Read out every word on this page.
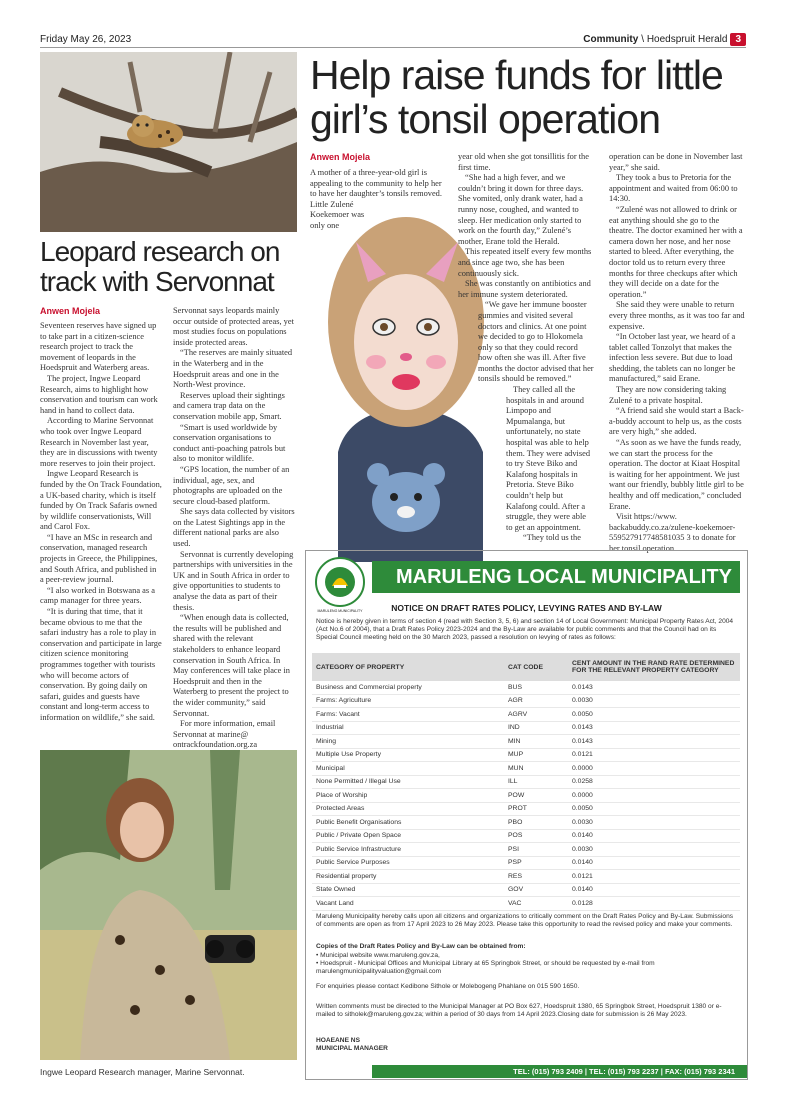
Friday May 26, 2023	Community \ Hoedspruit Herald 3
Leopard research on
track with Servonnat
Anwen Mojela

Seventeen reserves have signed up to take part in a citizen-science research project to track the movement of leopards in the Hoedspruit and Waterberg areas.

The project, Ingwe Leopard Research, aims to highlight how conservation and tourism can work hand in hand to collect data.

According to Marine Servonnat who took over Ingwe Leopard Research in November last year, they are in discussions with twenty more reserves to join their project.

Ingwe Leopard Research is funded by the On Track Foundation, a UK-based charity, which is itself funded by On Track Safaris owned by wildlife conservationists, Will and Carol Fox.

“I have an MSc in research and conservation, managed research projects in Greece, the Philippines, and South Africa, and published in a peer-review journal.

“I also worked in Botswana as a camp manager for three years.

“It is during that time, that it became obvious to me that the safari industry has a role to play in conservation and participate in large citizen science monitoring programmes together with tourists who will become actors of conservation. By going daily on safari, guides and guests have constant and long-term access to information on wildlife,” she said.

Servonnat says leopards mainly occur outside of protected areas, yet most studies focus on populations inside protected areas.

“The reserves are mainly situated in the Waterberg and in the Hoedspruit areas and one in the North-West province.

Reserves upload their sightings and camera trap data on the conservation mobile app, Smart.

“Smart is used worldwide by conservation organisations to conduct anti-poaching patrols but also to monitor wildlife.

“GPS location, the number of an individual, age, sex, and photographs are uploaded on the secure cloud-based platform.

She says data collected by visitors on the Latest Sightings app in the different national parks are also used.

Servonnat is currently developing partnerships with universities in the UK and in South Africa in order to give opportunities to students to analyse the data as part of their thesis.

“When enough data is collected, the results will be published and shared with the relevant stakeholders to enhance leopard conservation in South Africa. In May conferences will take place in Hoedspruit and then in the Waterberg to present the project to the wider community,” said Servonnat.

For more information, email Servonnat at marine@ ontrackfoundation.org.za

Ingwe Leopard Research manager, Marine Servonnat.
Help raise funds for little
girl’s tonsil operation
Anwen Mojela

A mother of a three-year-old girl is appealing to the community to help her to have her daughter’s tonsils removed.

Little Zulené Koekemoer was only one

year old when she got tonsillitis for the first time.

“She had a high fever, and we couldn’t bring it down for three days. She vomited, only drank water, had a runny nose, coughed, and wanted to sleep. Her medication only started to work on the fourth day,” Zulené’s mother, Erane told the Herald.

This repeated itself every few months and since age two, she has been continuously sick.

She was constantly on antibiotics and her immune system deteriorated.

“We gave her immune booster gummies and visited several doctors and clinics. At one point we decided to go to Hlokomela only so that they could record how often she was ill. After five months the doctor advised that her tonsils should be removed.”

They called all the hospitals in and around Limpopo and Mpumalanga, but unfortunately, no state hospital was able to help them. They were advised to try Steve Biko and Kalafong hospitals in Pretoria. Steve Biko couldn’t help but Kalafong could. After a struggle, they were able to get an appointment.

“They told us the

operation can be done in November last year,” she said.

They took a bus to Pretoria for the appointment and waited from 06:00 to 14:30.

“Zulené was not allowed to drink or eat anything should she go to the theatre. The doctor examined her with a camera down her nose, and her nose started to bleed. After everything, the doctor told us to return every three months for three checkups after which they will decide on a date for the operation.”

She said they were unable to return every three months, as it was too far and expensive.

“In October last year, we heard of a tablet called Tonzolyt that makes the infection less severe. But due to load shedding, the tablets can no longer be manufactured,” said Erane.

They are now considering taking Zulené to a private hospital.

“A friend said she would start a Back-a-buddy account to help us, as the costs are very high,” she added.

“As soon as we have the funds ready, we can start the process for the operation. The doctor at Kiaat Hospital is waiting for her appointment. We just want our friendly, bubbly little girl to be healthy and off medication,” concluded Erane.

Visit https://www. backabuddy.co.za/zulene-koekemoer-559527917748581035 3 to donate for her tonsil operation.

MARULENG MUNICIPALITY
MARULENG LOCAL MUNICIPALITY
NOTICE ON DRAFT RATES POLICY, LEVYING RATES AND BY-LAW
Notice is hereby given in terms of section 4 (read with Section 3, 5, 6) and section 14 of Local Government: Municipal Property Rates Act, 2004 (Act No.6 of 2004), that a Draft Rates Policy 2023-2024 and the By-Law are available for public comments and that the Council had on its Special Council meeting held on the 30 March 2023, passed a resolution on levying of rates as follows:
CATEGORY OF PROPERTY	CAT CODE	CENT AMOUNT IN THE RAND RATE DETERMINED FOR THE RELEVANT PROPERTY CATEGORY
Business and Commercial property	BUS	0.0143
Farms: Agriculture	AGR	0.0030
Farms: Vacant	AGRV	0.0050
Industrial	IND	0.0143
Mining	MIN	0.0143
Multiple Use Property	MUP	0.0121
Municipal	MUN	0.0000
None Permitted / Illegal Use	ILL	0.0258
Place of Worship	POW	0.0000
Protected Areas	PROT	0.0050
Public Benefit Organisations	PBO	0.0030
Public / Private Open Space	POS	0.0140
Public Service Infrastructure	PSI	0.0030
Public Service Purposes	PSP	0.0140
Residential property	RES	0.0121
State Owned	GOV	0.0140
Vacant Land	VAC	0.0128
Maruleng Municipality hereby calls upon all citizens and organizations to critically comment on the Draft Rates Policy and By-Law. Submissions of comments are open as from 17 April 2023 to 26 May 2023. Please take this opportunity to read the revised policy and make your comments.
Copies of the Draft Rates Policy and By-Law can be obtained from:
• Municipal website www.maruleng.gov.za,
• Hoedspruit - Municipal Offices and Municipal Library at 65 Springbok Street, or should be requested by e-mail from marulengmunicipalityvaluation@gmail.com
For enquiries please contact Kedibone Sithole or Molebogeng Phahlane on 015 590 1650.
Written comments must be directed to the Municipal Manager at PO Box 627, Hoedspruit 1380, 65 Springbok Street, Hoedspruit 1380 or e-mailed to sitholek@maruleng.gov.za; within a period of 30 days from 14 April 2023.Closing date for submission is 26 May 2023.
HOAEANE NS
MUNICIPAL MANAGER
TEL: (015) 793 2409 | TEL: (015) 793 2237 | FAX: (015) 793 2341
